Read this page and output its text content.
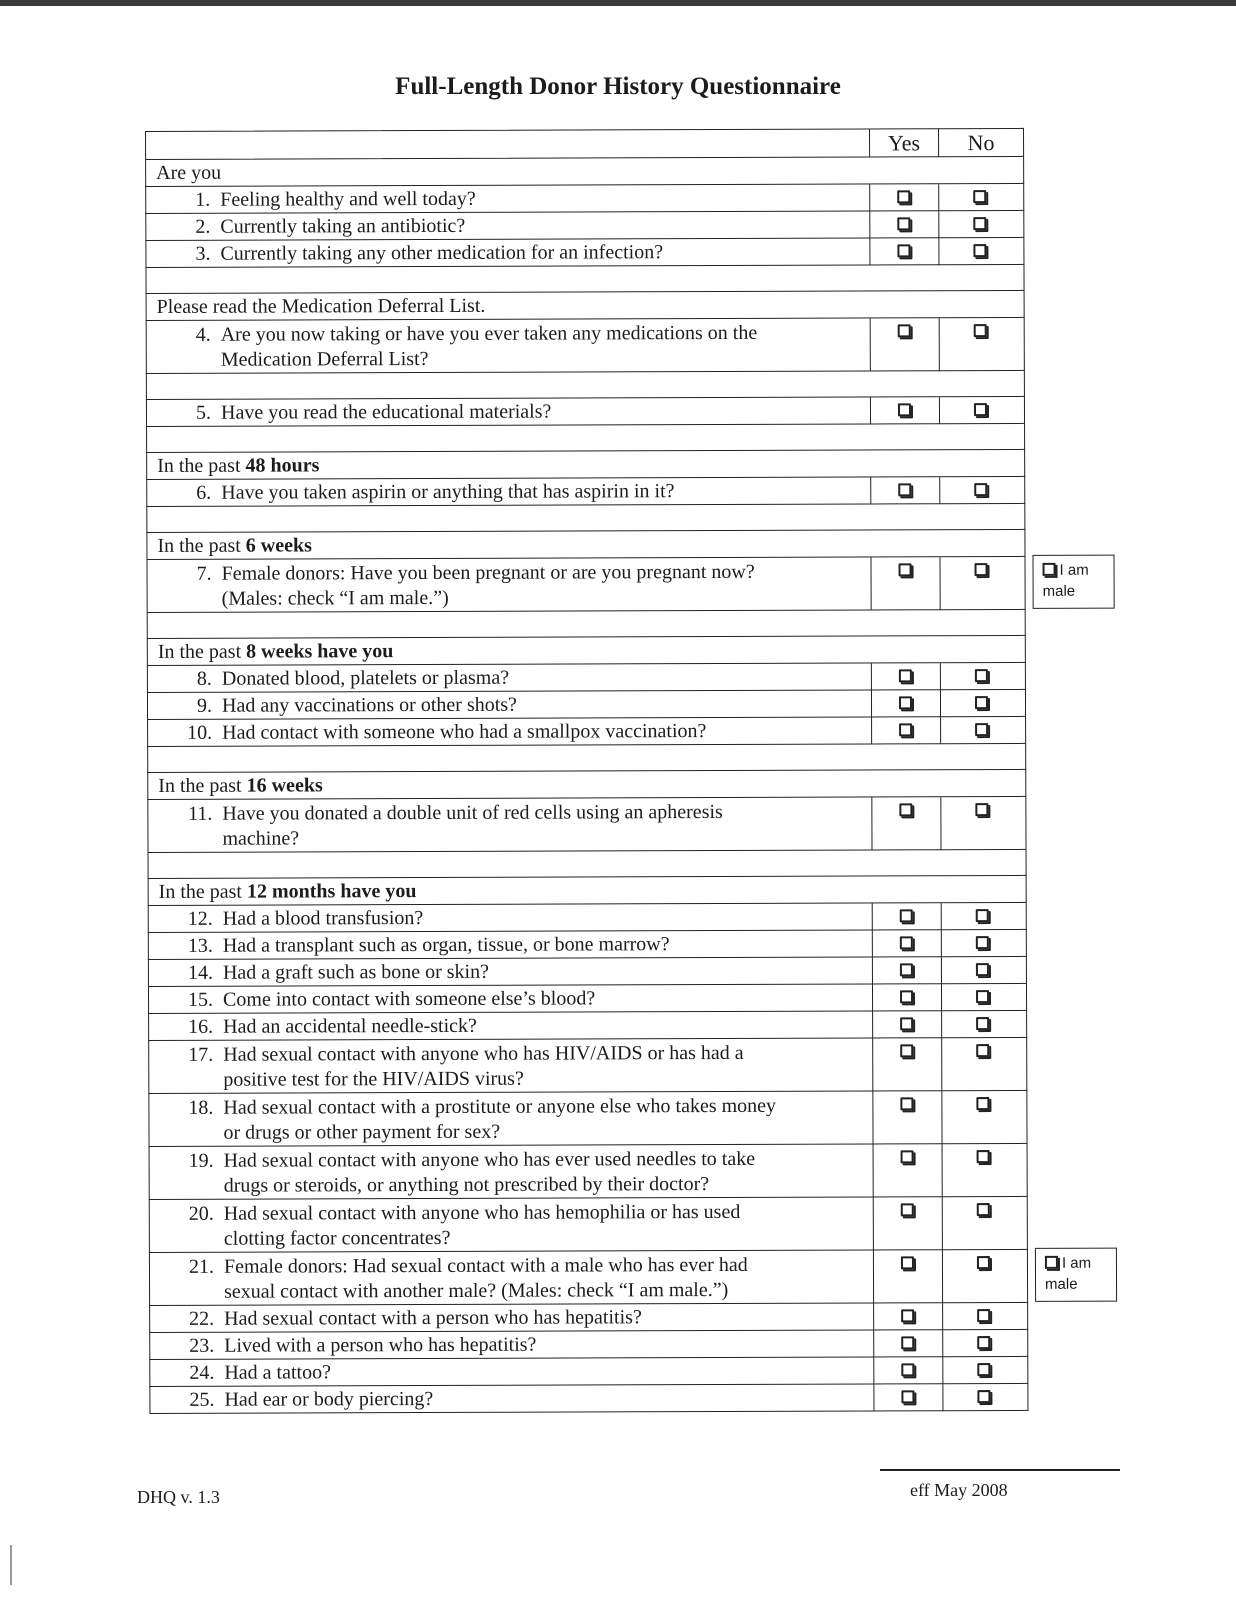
Full-Length Donor History Questionnaire
Yes	No
Are you
1. Feeling healthy and well today?
2. Currently taking an antibiotic?
3. Currently taking any other medication for an infection?
Please read the Medication Deferral List.
4. Are you now taking or have you ever taken any medications on the
Medication Deferral List?
5. Have you read the educational materials?
In the past 48 hours
6. Have you taken aspirin or anything that has aspirin in it?
In the past 6 weeks
7. Female donors: Have you been pregnant or are you pregnant now?
(Males: check “I am male.”)
I am male
In the past 8 weeks have you
8. Donated blood, platelets or plasma?
9. Had any vaccinations or other shots?
10. Had contact with someone who had a smallpox vaccination?
In the past 16 weeks
11. Have you donated a double unit of red cells using an apheresis
machine?
In the past 12 months have you
12. Had a blood transfusion?
13. Had a transplant such as organ, tissue, or bone marrow?
14. Had a graft such as bone or skin?
15. Come into contact with someone else’s blood?
16. Had an accidental needle-stick?
17. Had sexual contact with anyone who has HIV/AIDS or has had a
positive test for the HIV/AIDS virus?
18. Had sexual contact with a prostitute or anyone else who takes money
or drugs or other payment for sex?
19. Had sexual contact with anyone who has ever used needles to take
drugs or steroids, or anything not prescribed by their doctor?
20. Had sexual contact with anyone who has hemophilia or has used
clotting factor concentrates?
21. Female donors: Had sexual contact with a male who has ever had
sexual contact with another male? (Males: check “I am male.”)
I am male
22. Had sexual contact with a person who has hepatitis?
23. Lived with a person who has hepatitis?
24. Had a tattoo?
25. Had ear or body piercing?
DHQ v. 1.3	eff May 2008
